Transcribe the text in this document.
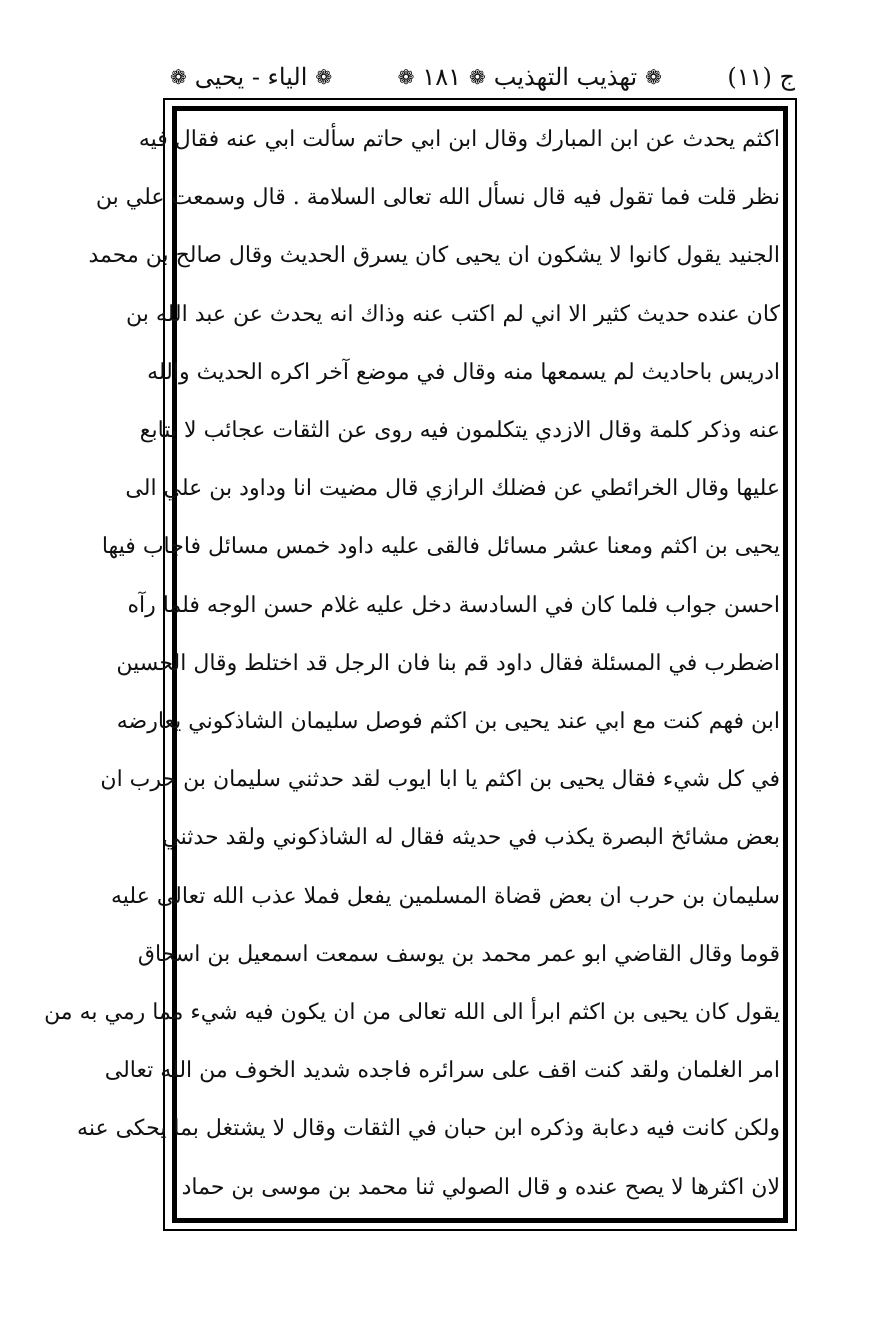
ج (١١)
❁
تهذيب التهذيب
❁
١٨١
❁
❁
الياء - يحيى
❁
اكثم يحدث عن ابن المبارك وقال ابن ابي حاتم سألت ابي عنه فقال فيه
نظر قلت فما تقول فيه قال نسأل الله تعالى السلامة . قال وسمعت علي بن
الجنيد يقول كانوا لا يشكون ان يحيى كان يسرق الحديث وقال صالح بن محمد
كان عنده حديث كثير الا اني لم اكتب عنه وذاك انه يحدث عن عبد الله بن
ادريس باحاديث لم يسمعها منه وقال في موضع آخر اكره الحديث والله
عنه وذكر كلمة وقال الازدي يتكلمون فيه روى عن الثقات عجائب لا يتابع
عليها وقال الخرائطي عن فضلك الرازي قال مضيت انا وداود بن علي الى
يحيى بن اكثم ومعنا عشر مسائل فالقى عليه داود خمس مسائل فاجاب فيها
احسن جواب فلما كان في السادسة دخل عليه غلام حسن الوجه فلما رآه
اضطرب في المسئلة فقال داود قم بنا فان الرجل قد اختلط وقال الحسين
ابن فهم كنت مع ابي عند يحيى بن اكثم فوصل سليمان الشاذكوني يعارضه
في كل شيء فقال يحيى بن اكثم يا ابا ايوب لقد حدثني سليمان بن حرب ان
بعض مشائخ البصرة يكذب في حديثه فقال له الشاذكوني ولقد حدثني
سليمان بن حرب ان بعض قضاة المسلمين يفعل فملا عذب الله تعالى عليه
قوما وقال القاضي ابو عمر محمد بن يوسف سمعت اسمعيل بن اسحاق
يقول كان يحيى بن اكثم ابرأ الى الله تعالى من ان يكون فيه شيء مما رمي به من
امر الغلمان ولقد كنت اقف على سرائره فاجده شديد الخوف من الله تعالى
ولكن كانت فيه دعابة وذكره ابن حبان في الثقات وقال لا يشتغل بما يحكى عنه
لان اكثرها لا يصح عنده و قال الصولي ثنا محمد بن موسى بن حماد
